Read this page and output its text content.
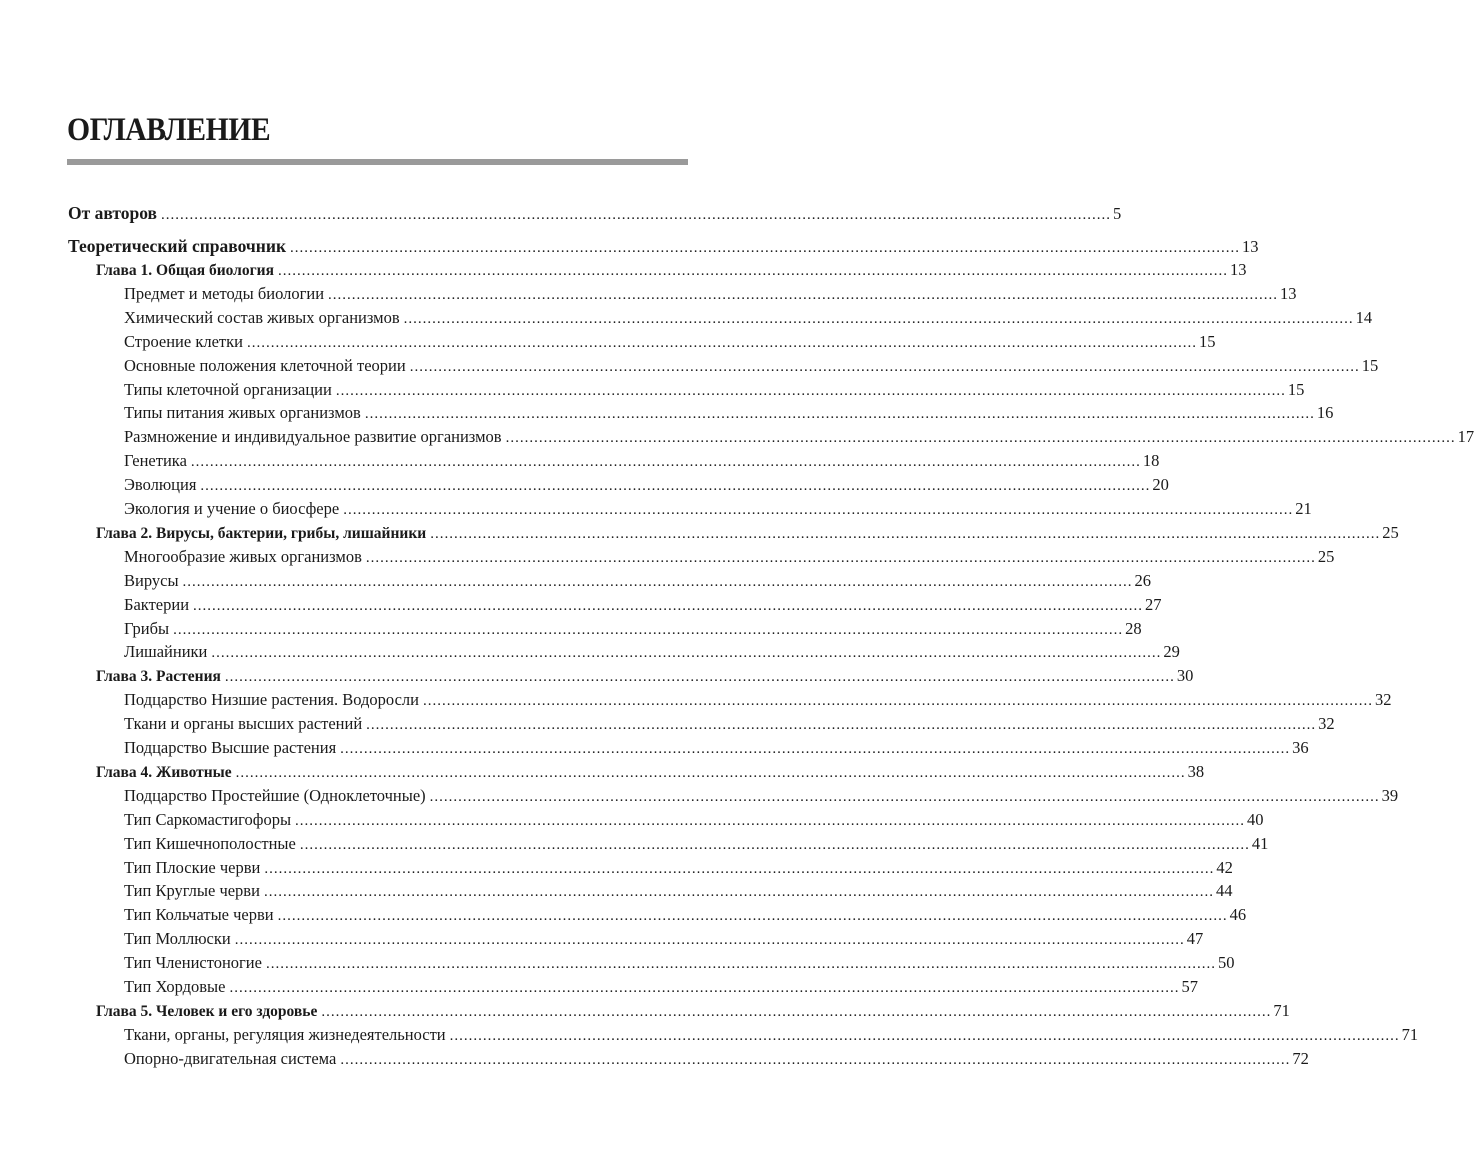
ОГЛАВЛЕНИЕ
От авторов ........................................................................................................................................................................................................ 5
Теоретический справочник ........................................................................................................................................................................................................ 13
Глава 1. Общая биология ........................................................................................................................................................................................................ 13
Предмет и методы биологии ........................................................................................................................................................................................................ 13
Химический состав живых организмов ........................................................................................................................................................................................................ 14
Строение клетки ........................................................................................................................................................................................................ 15
Основные положения клеточной теории ........................................................................................................................................................................................................ 15
Типы клеточной организации ........................................................................................................................................................................................................ 15
Типы питания живых организмов ........................................................................................................................................................................................................ 16
Размножение и индивидуальное развитие организмов ........................................................................................................................................................................................................ 17
Генетика ........................................................................................................................................................................................................ 18
Эволюция ........................................................................................................................................................................................................ 20
Экология и учение о биосфере ........................................................................................................................................................................................................ 21
Глава 2. Вирусы, бактерии, грибы, лишайники ........................................................................................................................................................................................................ 25
Многообразие живых организмов ........................................................................................................................................................................................................ 25
Вирусы ........................................................................................................................................................................................................ 26
Бактерии ........................................................................................................................................................................................................ 27
Грибы ........................................................................................................................................................................................................ 28
Лишайники ........................................................................................................................................................................................................ 29
Глава 3. Растения ........................................................................................................................................................................................................ 30
Подцарство Низшие растения. Водоросли ........................................................................................................................................................................................................ 32
Ткани и органы высших растений ........................................................................................................................................................................................................ 32
Подцарство Высшие растения ........................................................................................................................................................................................................ 36
Глава 4. Животные ........................................................................................................................................................................................................ 38
Подцарство Простейшие (Одноклеточные) ........................................................................................................................................................................................................ 39
Тип Саркомастигофоры ........................................................................................................................................................................................................ 40
Тип Кишечнополостные ........................................................................................................................................................................................................ 41
Тип Плоские черви ........................................................................................................................................................................................................ 42
Тип Круглые черви ........................................................................................................................................................................................................ 44
Тип Кольчатые черви ........................................................................................................................................................................................................ 46
Тип Моллюски ........................................................................................................................................................................................................ 47
Тип Членистоногие ........................................................................................................................................................................................................ 50
Тип Хордовые ........................................................................................................................................................................................................ 57
Глава 5. Человек и его здоровье ........................................................................................................................................................................................................ 71
Ткани, органы, регуляция жизнедеятельности ........................................................................................................................................................................................................ 71
Опорно-двигательная система ........................................................................................................................................................................................................ 72
